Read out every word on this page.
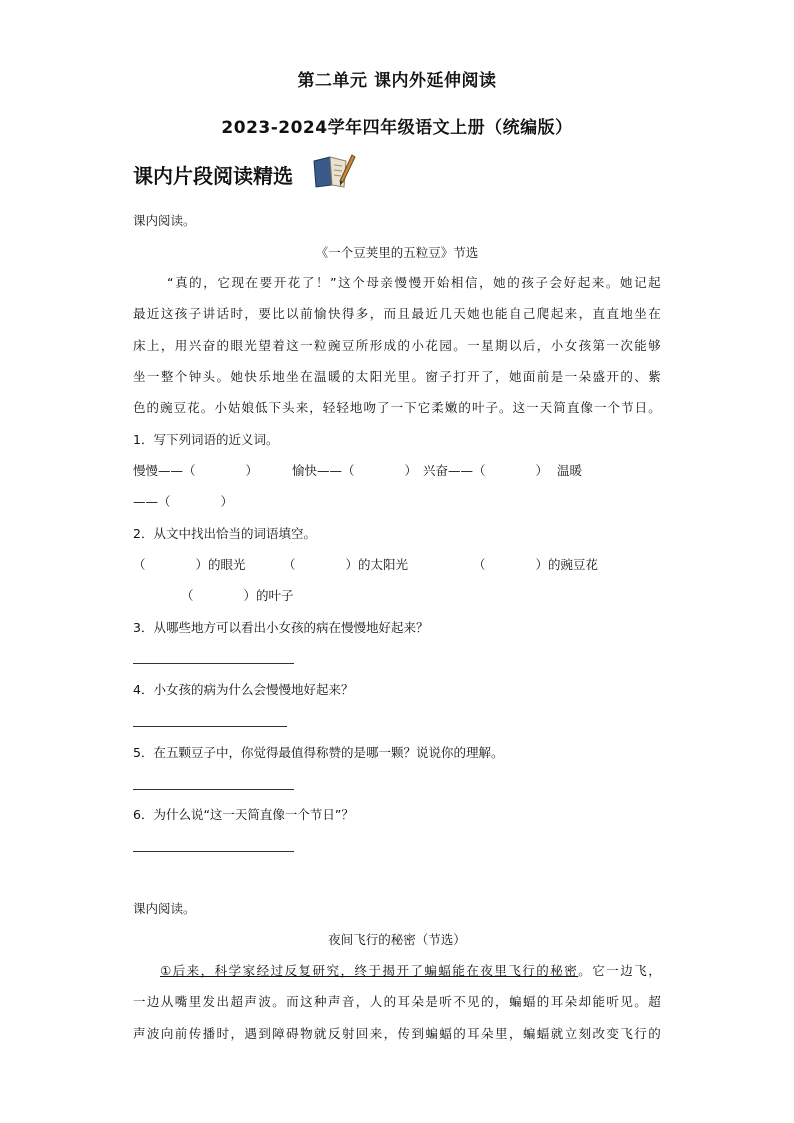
第二单元 课内外延伸阅读
2023-2024学年四年级语文上册（统编版）
课内片段阅读精选
课内阅读。
《一个豆荚里的五粒豆》节选
“真的，它现在要开花了！”这个母亲慢慢开始相信，她的孩子会好起来。她记起
最近这孩子讲话时，要比以前愉快得多，而且最近几天她也能自己爬起来，直直地坐在
床上，用兴奋的眼光望着这一粒豌豆所形成的小花园。一星期以后，小女孩第一次能够
坐一整个钟头。她快乐地坐在温暖的太阳光里。窗子打开了，她面前是一朵盛开的、紫
色的豌豆花。小姑娘低下头来，轻轻地吻了一下它柔嫩的叶子。这一天简直像一个节日。
1．写下列词语的近义词。
慢慢——（　　　　）	愉快——（　　　　） 兴奋——（　　　　） 温暖
——（　　　　）
2．从文中找出恰当的词语填空。
（　　　　）的眼光	（　　　　）的太阳光	（　　　　）的豌豆花
（　　　　）的叶子
3．从哪些地方可以看出小女孩的病在慢慢地好起来？
4．小女孩的病为什么会慢慢地好起来？
5．在五颗豆子中，你觉得最值得称赞的是哪一颗？说说你的理解。
6．为什么说“这一天简直像一个节日”？
课内阅读。
夜间飞行的秘密（节选）
①后来，科学家经过反复研究，终于揭开了蝙蝠能在夜里飞行的秘密。它一边飞，
一边从嘴里发出超声波。而这种声音，人的耳朵是听不见的，蝙蝠的耳朵却能听见。超
声波向前传播时，遇到障碍物就反射回来，传到蝙蝠的耳朵里，蝙蝠就立刻改变飞行的
